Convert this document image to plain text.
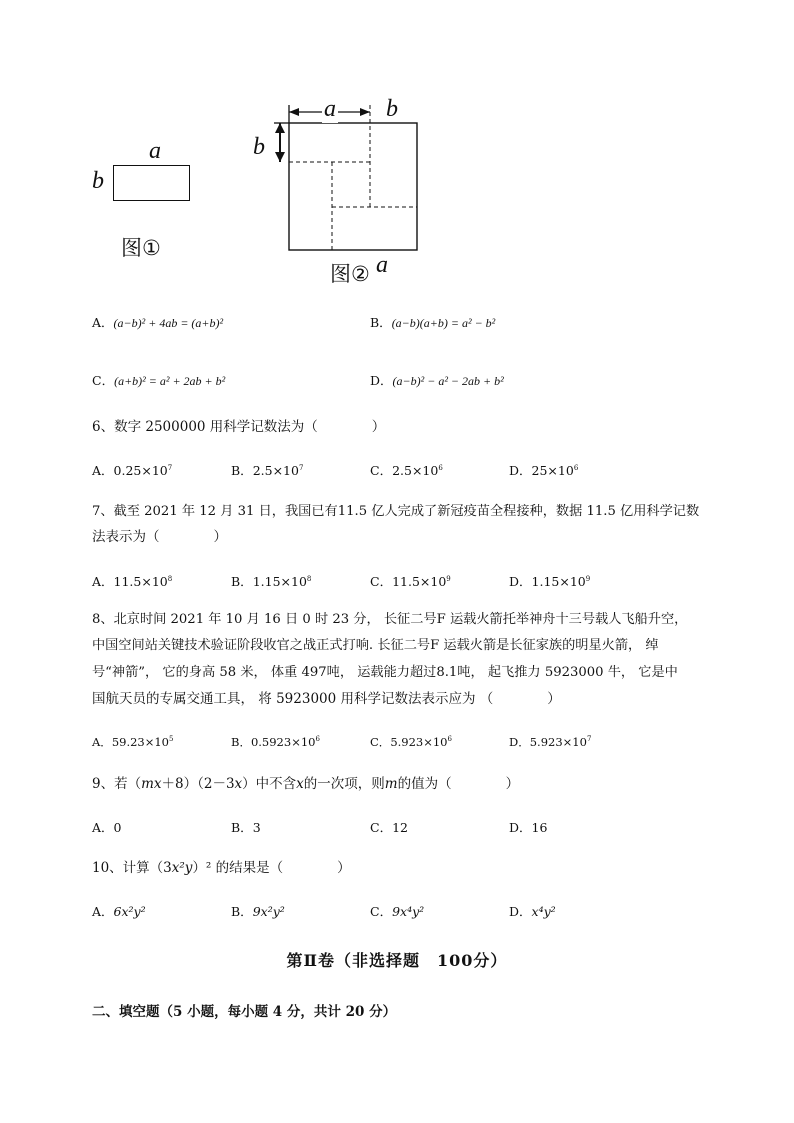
a
b
图①
a b
b
图② a
A．(a−b)² + 4ab = (a+b)²	B．(a−b)(a+b) = a² − b²
C．(a+b)² = a² + 2ab + b²	D．(a−b)² − a² − 2ab + b²
6、数字 2500000 用科学记数法为（　　　　）
A．$0.25\times 10^7$	B．$2.5\times 10^7$	C．$2.5\times 10^6$	D．$25\times 10^6$
7、截至 2021 年 12 月 31 日，我国已有11.5 亿人完成了新冠疫苗全程接种，数据 11.5 亿用科学记数
法表示为（　　　　）
A．$11.5\times 10^8$	B．$1.15\times 10^8$	C．$11.5\times 10^9$	D．$1.15\times 10^9$
8、北京时间 2021 年 10 月 16 日 0 时 23 分， 长征二号F 运载火箭托举神舟十三号载人飞船升空，
中国空间站关键技术验证阶段收官之战正式打响. 长征二号F 运载火箭是长征家族的明星火箭， 绰
号“神箭”， 它的身高 58 米， 体重 497吨， 运载能力超过8.1吨， 起飞推力 5923000 牛， 它是中
国航天员的专属交通工具， 将 5923000 用科学记数法表示应为 （　　　　）
A．$59.23\times 10^5$	B．$0.5923\times 10^6$	C．$5.923\times 10^6$	D．$5.923\times 10^7$
9、若（mx＋8）（2－3x）中不含x的一次项，则m的值为（　　　　）
A．0	B．3	C．12	D．16
10、计算（3x²y）² 的结果是（　　　　）
A．6x²y²	B．9x²y²	C．9x⁴y²	D．x⁴y²
第Ⅱ卷（非选择题　100分）
二、填空题（5 小题，每小题 4 分，共计 20 分）
